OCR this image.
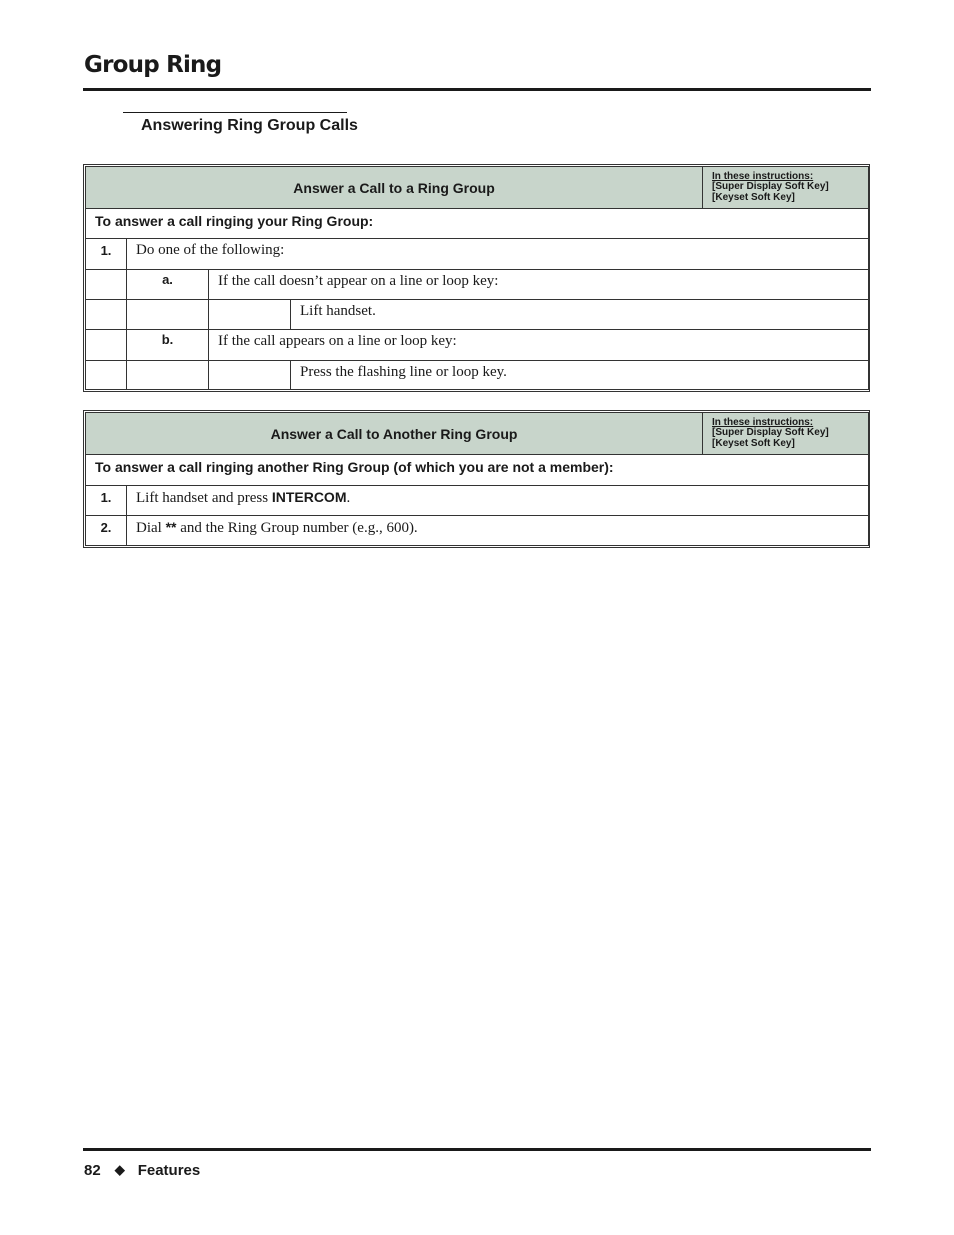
Group Ring
Answering Ring Group Calls
Answer a Call to a Ring Group				In these instructions:
[Super Display Soft Key]
[Keyset Soft Key]

To answer a call ringing your Ring Group:				
1.	Do one of the following:			
	a.	If the call doesn’t appear on a line or loop key:		
			Lift handset.	
	b.	If the call appears on a line or loop key:		
			Press the flashing line or loop key.	
Answer a Call to Another Ring Group		In these instructions:
[Super Display Soft Key]
[Keyset Soft Key]

To answer a call ringing another Ring Group (of which you are not a member):		
1.	Lift handset and press INTERCOM.	
2.	Dial ** and the Ring Group number (e.g., 600).	
82 ◆ Features
